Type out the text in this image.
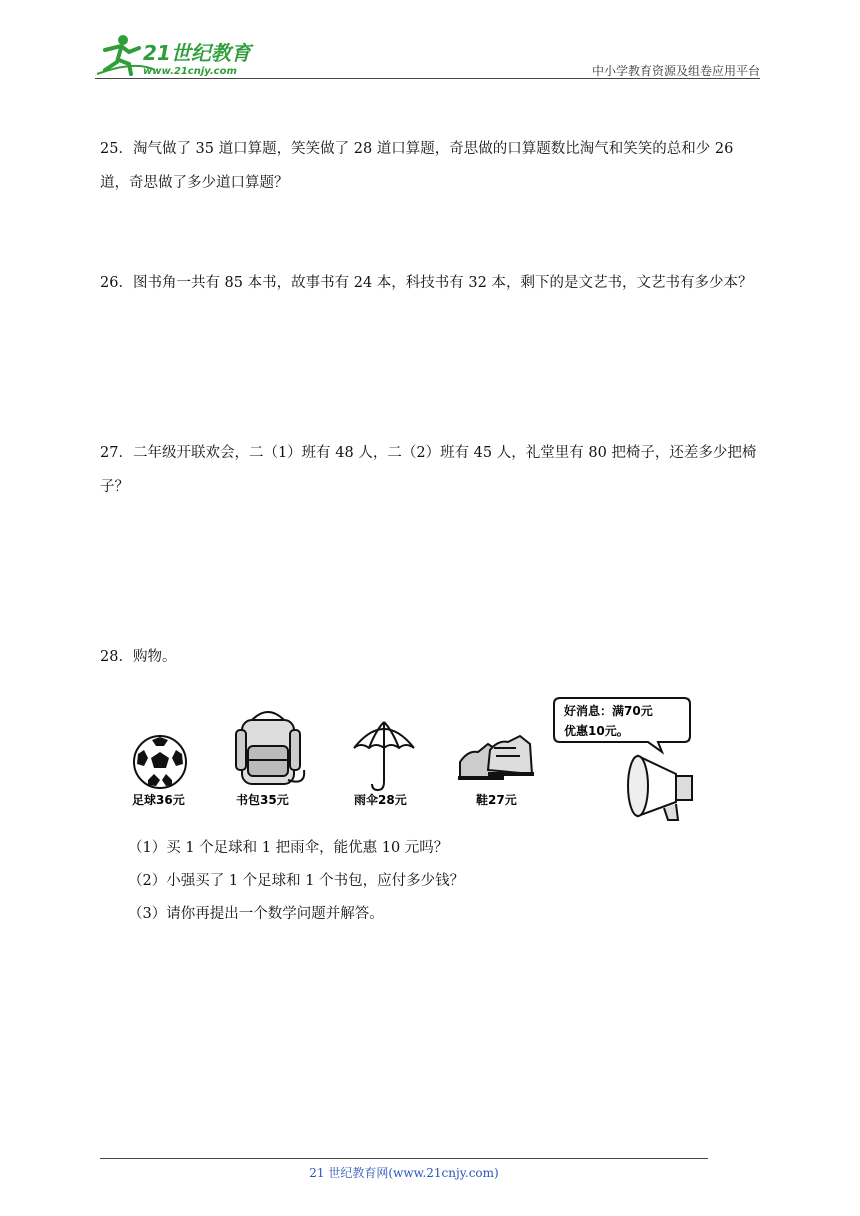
21世纪教育
www.21cnjy.com	中小学教育资源及组卷应用平台
25．淘气做了 35 道口算题，笑笑做了 28 道口算题，奇思做的口算题数比淘气和笑笑的总和少 26 道，奇思做了多少道口算题？
26．图书角一共有 85 本书，故事书有 24 本，科技书有 32 本，剩下的是文艺书，文艺书有多少本？
27．二年级开联欢会，二（1）班有 48 人，二（2）班有 45 人，礼堂里有 80 把椅子，还差多少把椅子？
28．购物。
足球36元	书包35元	雨伞28元	鞋27元
好消息：满70元
优惠10元。
（1）买 1 个足球和 1 把雨伞，能优惠 10 元吗？
（2）小强买了 1 个足球和 1 个书包，应付多少钱？
（3）请你再提出一个数学问题并解答。
21 世纪教育网(www.21cnjy.com)
